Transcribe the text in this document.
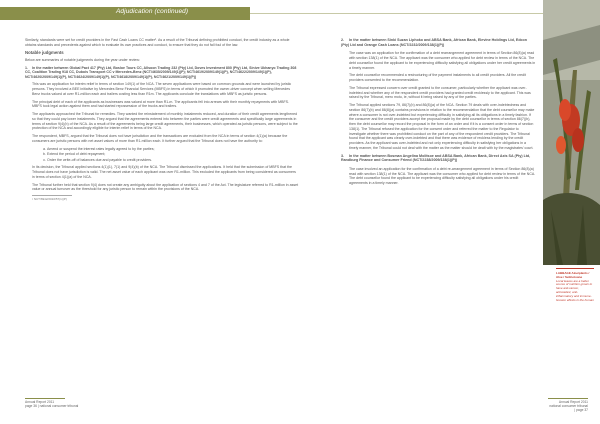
Adjudication (continued)

Similarly, standards were set for credit providers in the Fast Cash Loans CC matter¹. As a result of the Tribunal defining prohibited conduct, the credit industry as a whole obtains standards and precedents against which to evaluate its own practices and conduct, to ensure that they do not fall foul of the law.

Notable judgments

Below are summaries of notable judgments during the year under review:

1. In the matter between Global Pact 417 (Pty) Ltd, Bosloe Tours CC, Allsoon Trading 232 (Pty) Ltd, Doves Investment 800 (Pty) Ltd, Sinive Ukhanyo Trading 308 CC, Coalition Trading 918 CC, Dubois Transport CC v Mercedes-Benz (NCT/4630/2009/149(1)(P); NCT/4619/2009/149(1)(P), NCT/4622/2009/149(1)(P), NCT/4620/2009/149(1)(P), NCT/4624/2009/149(1)(P), NCT/4618/2009/149(1)(P), NCT/4621/2009/149(1)(P))

This was an application for interim relief in terms of section 149(1) of the NCA. The seven applications were based on common grounds and were launched by juristic persons. They involved a BEE initiative by Mercedes Benz Financial Services (MBFS) in terms of which it promoted the owner-driver concept when selling Mercedes Benz trucks valued at over R1-million each and trailers costing less than R1m. The applicants conclude the translations with MBFS as juristic persons.

The principal debt of each of the applicants as businesses was valued at more than R1-m. The applicants fell into arrears with their monthly repayments with MBFS. MBFS took legal action against them and had started repossession of the trucks and trailers.

The applicants approached the Tribunal for remedies. They wanted the reinstatement of monthly instalments reduced, and duration of their credit agreements lengthened so that they could pay lower instalments. They argued that the agreements entered into between the parties were credit agreements and specifically large agreements in terms of section 9(4)(b) of the NCA. As a result of the agreements being large credit agreements, their businesses, which operated as juristic persons, were subject to the protection of the NCA and accordingly eligible for interim relief in terms of the NCA.

The respondent, MBFS, argued that the Tribunal does not have jurisdiction and the transactions are excluded from the NCA in terms of section 4(1)(a) because the consumers are juristic persons with net asset values of more than R1-million each. It further argued that the Tribunal does not have the authority to:

a. Amend or suspend the interest rates legally agreed to by the parties;
b. Extend the period of debt repayment;
c. Order the write-off of balances due and payable to credit providers.

In its decision, the Tribunal applied sections 4(1)(1), 7(1) and 9(4)(b) of the NCA. The Tribunal dismissed the applications. It held that the submission of MBFS that the Tribunal does not have jurisdiction is valid. The net asset value of each applicant was over R1-million. This excluded the applicants from being considered as consumers in terms of section 4(1)(a) of the NCA.

The Tribunal further held that section 9(4) does not create any ambiguity about the application of sections 4 and 7 of the Act. The legislature referred to R1-million in asset value or annual turnover as the threshold for any juristic person to remain within the provisions of the NCA.

¹ NCT/6942/2010/57(1)(P)
2. In the matter between Sinki Suzan Liphoko and ABSA Bank, African Bank, Elevine Holdings Ltd, Edcon (Pty) Ltd and Orange Cash Loans (NCT/2232/2009/138(1)(P))

The case was an application for the confirmation of a debt rearrangement agreement in terms of Section 86(8)(a) read with section 138(1) of the NCA. The applicant was the consumer who applied for debt review in terms of the NCA. The debt counsellor found the applicant to be experiencing difficulty satisfying all obligations under her credit agreements in a timely manner.

The debt counsellor recommended a restructuring of the payment instalments to all credit providers. All the credit providers consented to the recommendation.

The Tribunal expressed concern over credit granted to the consumer, particularly whether the applicant was over-indebted and whether any of the respondent credit providers had granted credit recklessly to the applicant. This was raised by the Tribunal, mero motu, ie, without it being raised by any of the parties.

The Tribunal applied sections 79, 86(7)(b) and 86(8)(a) of the NCA. Section 79 deals with over-indebtedness and section 86(7)(b) and 86(8)(a) contains provisions in relation to the recommendation that the debt counsellor may make where a consumer is not over-indebted but experiencing difficulty in satisfying all its obligations in a timely fashion. If the consumer and the credit providers accept the proposal made by the debt counsellor in terms of section 86(7)(b), then the debt counsellor may record the proposal in the form of an order and if it is a consent order in terms of section 138(1). The Tribunal refused the application for the consent order and referred the matter to the Regulator to investigate whether there was prohibited conduct on the part of any of the respondent credit providers. The Tribunal found that the applicant was clearly over-indebted and that there was evidence of reckless lending by the credit providers. As the applicant was over-indebted and not only experiencing difficulty in satisfying her obligations in a timely manner, the Tribunal could not deal with the matter as the matter should be dealt with by the magistrates' court.

3. In the matter between Bosman Angelina Molitsoe and ABSA Bank, African Bank, Direct Axis SA (Pty) Ltd, Randburg Finance and Consumer Friend (NCT/2238/2009/138(1)(P))

The case involved an application for the confirmation of a debt re-arrangement agreement in terms of Section 86(8)(a) read with section 138(1) of the NCA. The applicant was the consumer who applied for debt review in terms of the NCA. The debt counsellor found the applicant to be experiencing difficulty satisfying all obligations under his credit agreements in a timely manner.

LABBAGE Aloe/plants / Aloe / Sebhotoane
Local leaves are a better source of nutrition grown to have anti-cancer, antioxidant, anti-inflammatory and immune-booster effects in the human
Annual Report 2011
page 36 | national consumer tribunal
Annual Report 2011
national consumer tribunal | page 37
